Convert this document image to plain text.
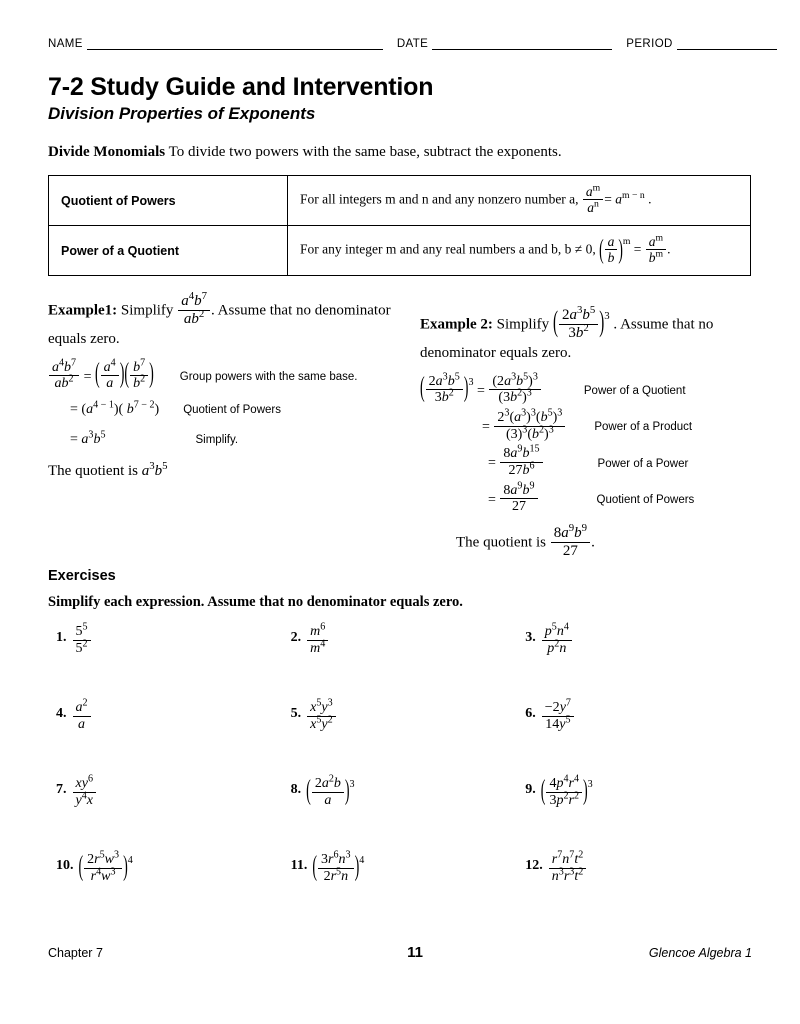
NAME	DATE	PERIOD
7-2 Study Guide and Intervention
Division Properties of Exponents
Divide Monomials To divide two powers with the same base, subtract the exponents.
Quotient of Powers	For all integers m and n and any nonzero number a, $\frac{a^m}{a^n} = a^{m - n}$ .
Power of a Quotient	For any integer m and any real numbers a and b, b ≠ 0, ( $\frac{a}{b} )^m = \frac{a^m}{b^m}$ .
Example1: Simplify $\frac{a^4b^7}{ab^2}$ . Assume that no denominator equals zero.
$\frac{a^4b^7}{ab^2}$ = ( $\frac{a^4}{a}$ )( $\frac{b^7}{b^2}$ ) Group powers with the same base.
= $(a^{4 - 1})$( $b^{7 - 2}$) Quotient of Powers
= $a^3b^5$	Simplify.
The quotient is $a^3b^5$
Example 2: Simplify ( $\frac{2a^3b^5}{3b^2} )^3$ . Assume that no denominator equals zero.
( $\frac{2a^3b^5}{3b^2} )^3 = \frac{(2a^3b^5)^3}{(3b^2)^3}$	Power of a Quotient
= $\frac{2^3(a^3)^3(b^5)^3}{(3)^3(b^2)^3}$	Power of a Product
= $\frac{8a^9b^{15}}{27b^6}$	Power of a Power
= $\frac{8a^9b^9}{27}$	Quotient of Powers
The quotient is $\frac{8a^9b^9}{27}$ .
Exercises
Simplify each expression. Assume that no denominator equals zero.
1. $\frac{5^5}{5^2}$	2. $\frac{m^6}{m^4}$	3. $\frac{p^5n^4}{p^2n}$
4. $\frac{a^2}{a}$	5. $\frac{x^5y^3}{x^5y^2}$	6. $\frac{-2y^7}{14y^5}$
7. $\frac{xy^6}{y^4x}$	8. ( $\frac{2a^2b}{a} )^3$	9. ( $\frac{4p^4r^4}{3p^2r^2} )^3$
10. ( $\frac{2r^5w^3}{r^4w^3} )^4$	11. ( $\frac{3r^6n^3}{2r^5n} )^4$	12. $\frac{r^7n^7t^2}{n^3r^3t^2}$
Chapter 7	11	Glencoe Algebra 1
